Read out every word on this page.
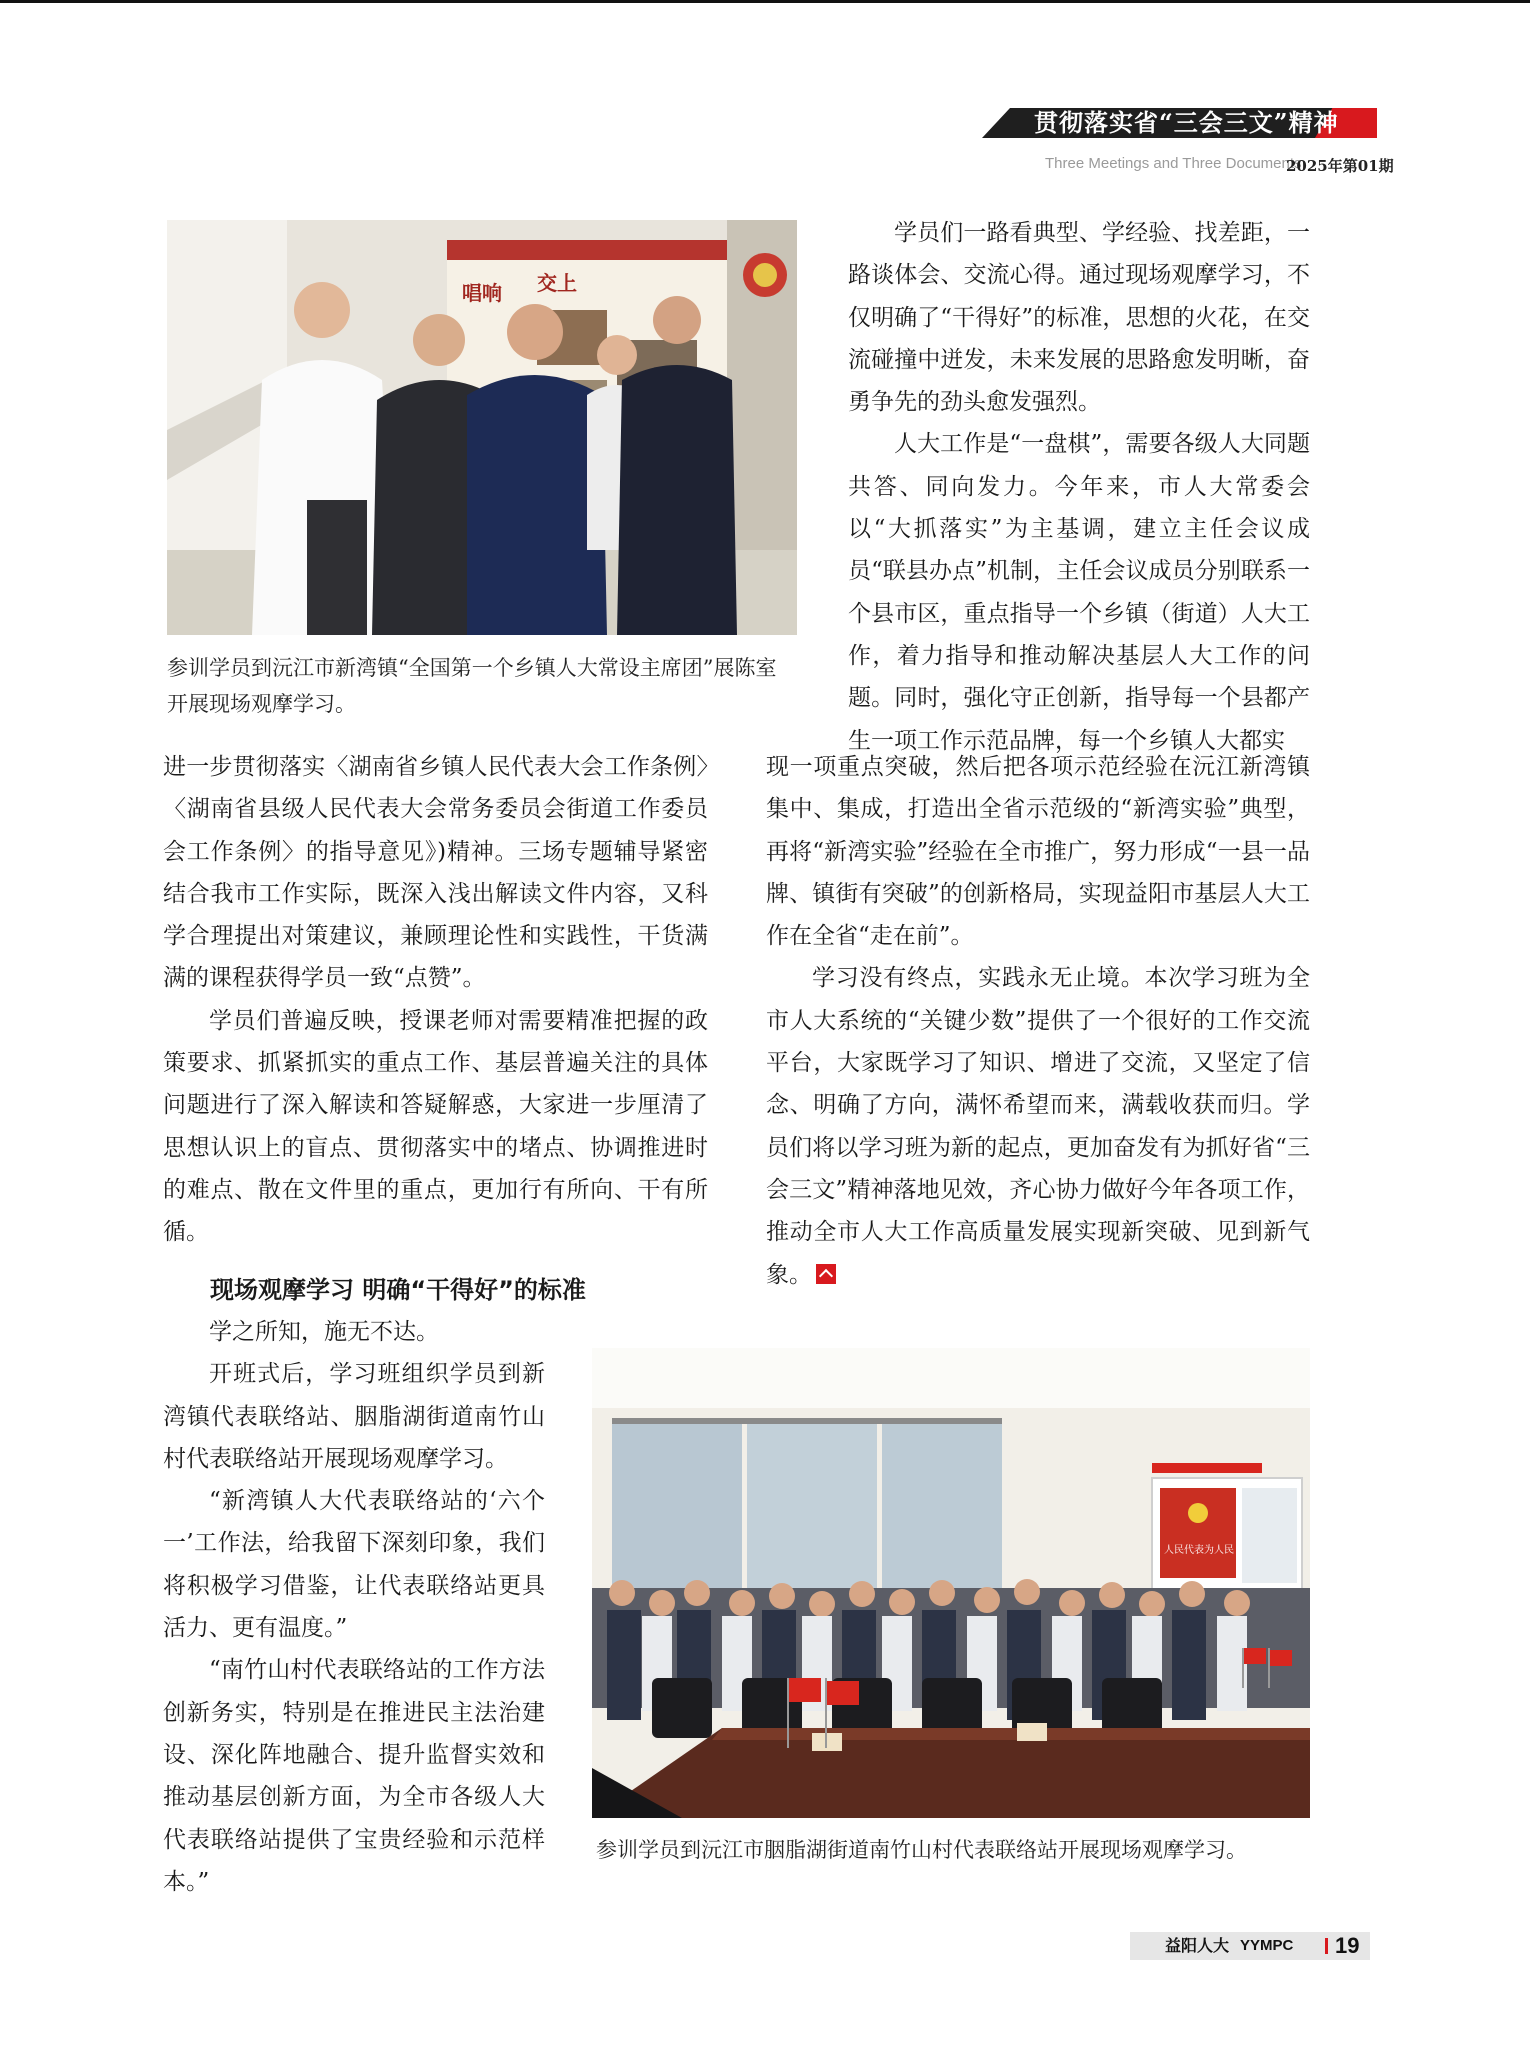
贯彻落实省“三会三文”精神
Three Meetings and Three Documents
2025年第01期
唱响 交上
参训学员到沅江市新湾镇“全国第一个乡镇人大常设主席团”展陈室开展现场观摩学习。

进一步贯彻落实〈湖南省乡镇人民代表大会工作条例〉〈湖南省县级人民代表大会常务委员会街道工作委员会工作条例〉的指导意见》)精神。三场专题辅导紧密结合我市工作实际，既深入浅出解读文件内容，又科学合理提出对策建议，兼顾理论性和实践性，干货满满的课程获得学员一致“点赞”。

学员们普遍反映，授课老师对需要精准把握的政策要求、抓紧抓实的重点工作、基层普遍关注的具体问题进行了深入解读和答疑解惑，大家进一步厘清了思想认识上的盲点、贯彻落实中的堵点、协调推进时的难点、散在文件里的重点，更加行有所向、干有所循。

现场观摩学习 明确“干得好”的标准

学之所知，施无不达。

开班式后，学习班组织学员到新湾镇代表联络站、胭脂湖街道南竹山村代表联络站开展现场观摩学习。

“新湾镇人大代表联络站的‘六个一’工作法，给我留下深刻印象，我们将积极学习借鉴，让代表联络站更具活力、更有温度。”

“南竹山村代表联络站的工作方法创新务实，特别是在推进民主法治建设、深化阵地融合、提升监督实效和推动基层创新方面，为全市各级人大代表联络站提供了宝贵经验和示范样本。”

学员们一路看典型、学经验、找差距，一路谈体会、交流心得。通过现场观摩学习，不仅明确了“干得好”的标准，思想的火花，在交流碰撞中迸发，未来发展的思路愈发明晰，奋勇争先的劲头愈发强烈。

人大工作是“一盘棋”，需要各级人大同题共答、同向发力。今年来，市人大常委会以“大抓落实”为主基调，建立主任会议成员“联县办点”机制，主任会议成员分别联系一个县市区，重点指导一个乡镇（街道）人大工作，着力指导和推动解决基层人大工作的问题。同时，强化守正创新，指导每一个县都产生一项工作示范品牌，每一个乡镇人大都实

现一项重点突破，然后把各项示范经验在沅江新湾镇集中、集成，打造出全省示范级的“新湾实验”典型，再将“新湾实验”经验在全市推广，努力形成“一县一品牌、镇街有突破”的创新格局，实现益阳市基层人大工作在全省“走在前”。

学习没有终点，实践永无止境。本次学习班为全市人大系统的“关键少数”提供了一个很好的工作交流平台，大家既学习了知识、增进了交流，又坚定了信念、明确了方向，满怀希望而来，满载收获而归。学员们将以学习班为新的起点，更加奋发有为抓好省“三会三文”精神落地见效，齐心协力做好今年各项工作，推动全市人大工作高质量发展实现新突破、见到新气象。

人民代表为人民
参训学员到沅江市胭脂湖街道南竹山村代表联络站开展现场观摩学习。
益阳人大 YYMPC 19
